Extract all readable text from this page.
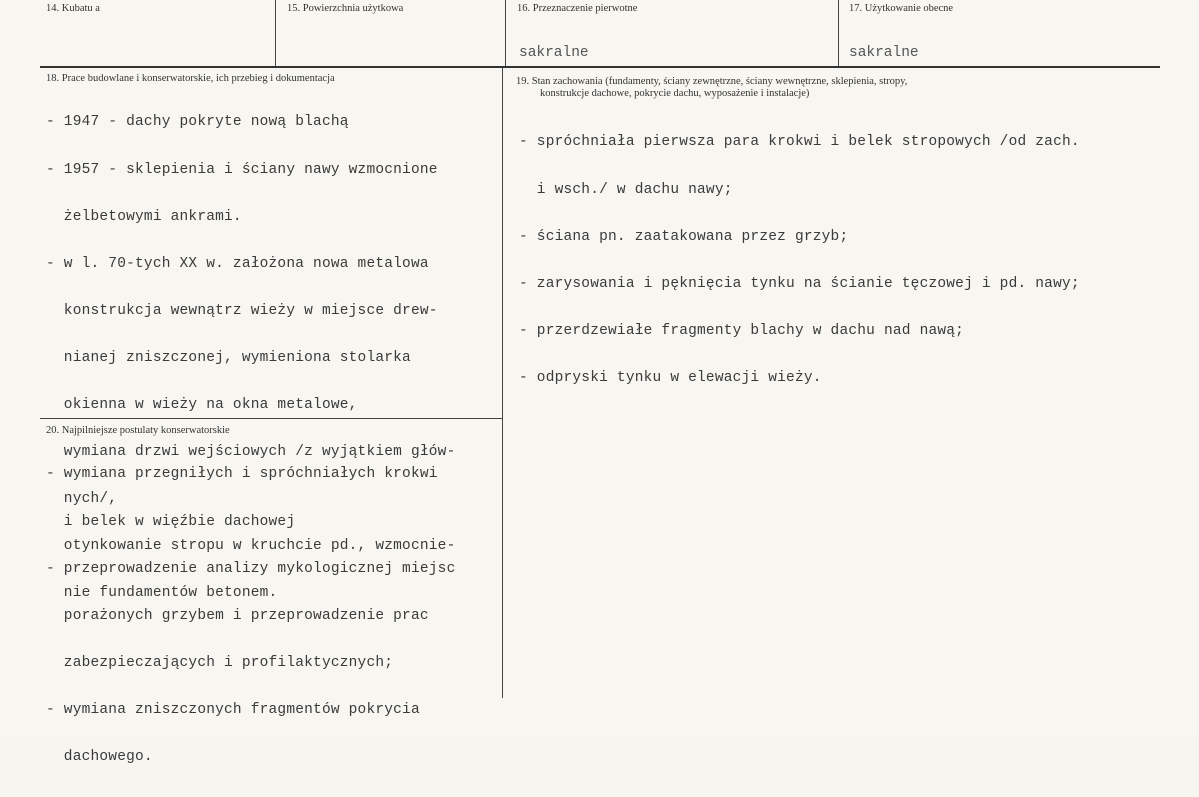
14. Kubatu a	15. Powierzchnia użytkowa	16. Przeznaczenie pierwotne
sakralne
17. Użytkowanie obecne
sakralne
18. Prace budowlane i konserwatorskie, ich przebieg i dokumentacja

- 1947 - dachy pokryte nową blachą

- 1957 - sklepienia i ściany nawy wzmocnione

żelbetowymi ankrami.

- w l. 70-tych XX w. założona nowa metalowa

konstrukcja wewnątrz wieży w miejsce drew-

nianej zniszczonej, wymieniona stolarka

okienna w wieży na okna metalowe,

wymiana drzwi wejściowych /z wyjątkiem głów-

nych/,

otynkowanie stropu w kruchcie pd., wzmocnie-

nie fundamentów betonem.

19. Stan zachowania (fundamenty, ściany zewnętrzne, ściany wewnętrzne, sklepienia, stropy,
konstrukcje dachowe, pokrycie dachu, wyposażenie i instalacje)

- spróchniała pierwsza para krokwi i belek stropowych /od zach.

i wsch./ w dachu nawy;

- ściana pn. zaatakowana przez grzyb;

- zarysowania i pęknięcia tynku na ścianie tęczowej i pd. nawy;

- przerdzewiałe fragmenty blachy w dachu nad nawą;

- odpryski tynku w elewacji wieży.

20. Najpilniejsze postulaty konserwatorskie

- wymiana przegniłych i spróchniałych krokwi

i belek w więźbie dachowej

- przeprowadzenie analizy mykologicznej miejsc

porażonych grzybem i przeprowadzenie prac

zabezpieczających i profilaktycznych;

- wymiana zniszczonych fragmentów pokrycia

dachowego.
